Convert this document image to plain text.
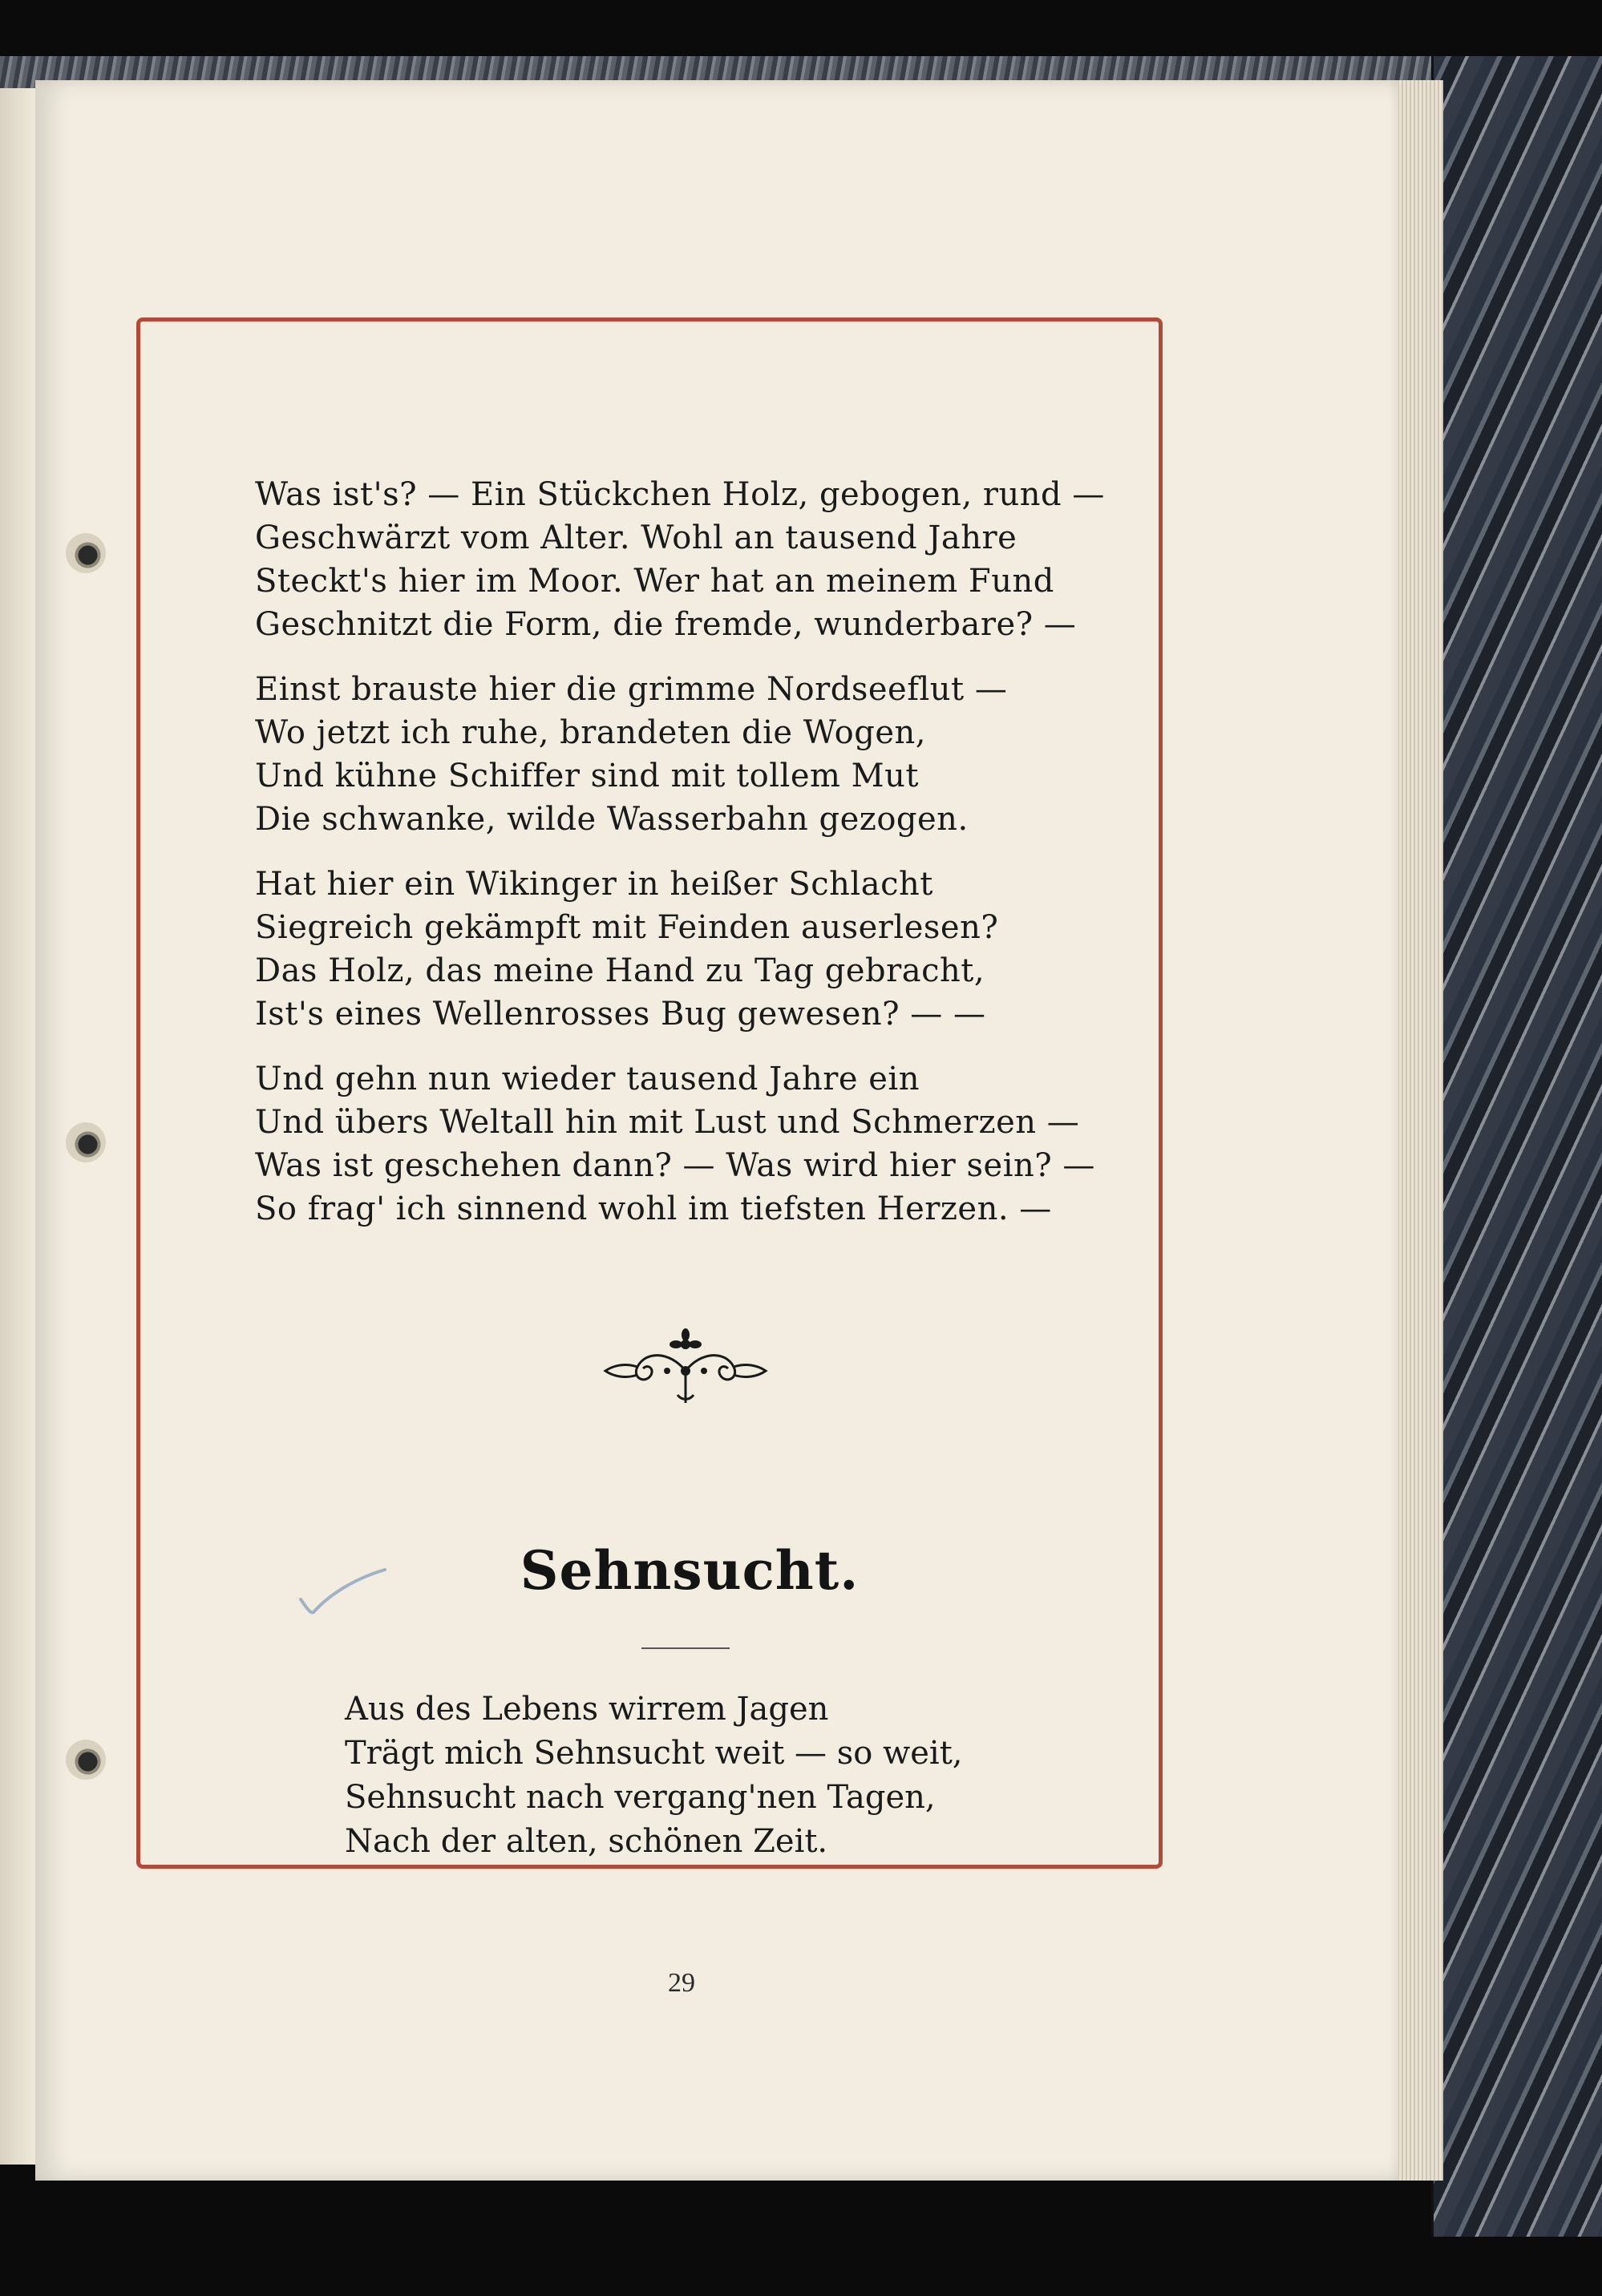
Was ist's? — Ein Stückchen Holz, gebogen, rund —
Geschwärzt vom Alter. Wohl an tausend Jahre
Steckt's hier im Moor. Wer hat an meinem Fund
Geschnitzt die Form, die fremde, wunderbare? —
Einst brauste hier die grimme Nordseeflut —
Wo jetzt ich ruhe, brandeten die Wogen,
Und kühne Schiffer sind mit tollem Mut
Die schwanke, wilde Wasserbahn gezogen.
Hat hier ein Wikinger in heißer Schlacht
Siegreich gekämpft mit Feinden auserlesen?
Das Holz, das meine Hand zu Tag gebracht,
Ist's eines Wellenrosses Bug gewesen? — —
Und gehn nun wieder tausend Jahre ein
Und übers Weltall hin mit Lust und Schmerzen —
Was ist geschehen dann? — Was wird hier sein? —
So frag' ich sinnend wohl im tiefsten Herzen. —
Sehnsucht.
Aus des Lebens wirrem Jagen
Trägt mich Sehnsucht weit — so weit,
Sehnsucht nach vergang'nen Tagen,
Nach der alten, schönen Zeit.
29
